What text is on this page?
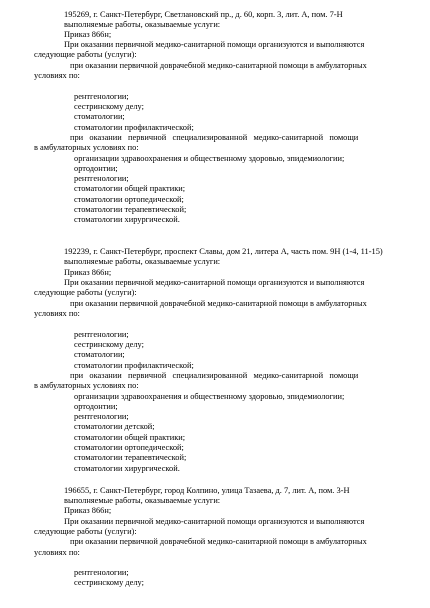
195269, г. Санкт-Петербург, Светлановский пр., д. 60, корп. 3, лит. А, пом. 7-Н
выполняемые работы, оказываемые услуги:
Приказ 866н;
При оказании первичной медико-санитарной помощи организуются и выполняются
следующие работы (услуги):
при оказании первичной доврачебной медико-санитарной помощи в амбулаторных
условиях по:
рентгенологии;
сестринскому делу;
стоматологии;
стоматологии профилактической;
при   оказании   первичной   специализированной   медико-санитарной   помощи
в амбулаторных условиях по:
организации здравоохранения и общественному здоровью, эпидемиологии;
ортодонтии;
рентгенологии;
стоматологии общей практики;
стоматологии ортопедической;
стоматологии терапевтической;
стоматологии хирургической.
192239, г. Санкт-Петербург, проспект Славы, дом 21, литера А, часть пом. 9Н (1-4, 11-15)
выполняемые работы, оказываемые услуги:
Приказ 866н;
При оказании первичной медико-санитарной помощи организуются и выполняются
следующие работы (услуги):
при оказании первичной доврачебной медико-санитарной помощи в амбулаторных
условиях по:
рентгенологии;
сестринскому делу;
стоматологии;
стоматологии профилактической;
при   оказании   первичной   специализированной   медико-санитарной   помощи
в амбулаторных условиях по:
организации здравоохранения и общественному здоровью, эпидемиологии;
ортодонтии;
рентгенологии;
стоматологии детской;
стоматологии общей практики;
стоматологии ортопедической;
стоматологии терапевтической;
стоматологии хирургической.
196655, г. Санкт-Петербург, город Колпино, улица Тазаева, д. 7, лит. А, пом. 3-Н
выполняемые работы, оказываемые услуги:
Приказ 866н;
При оказании первичной медико-санитарной помощи организуются и выполняются
следующие работы (услуги):
при оказании первичной доврачебной медико-санитарной помощи в амбулаторных
условиях по:
рентгенологии;
сестринскому делу;
